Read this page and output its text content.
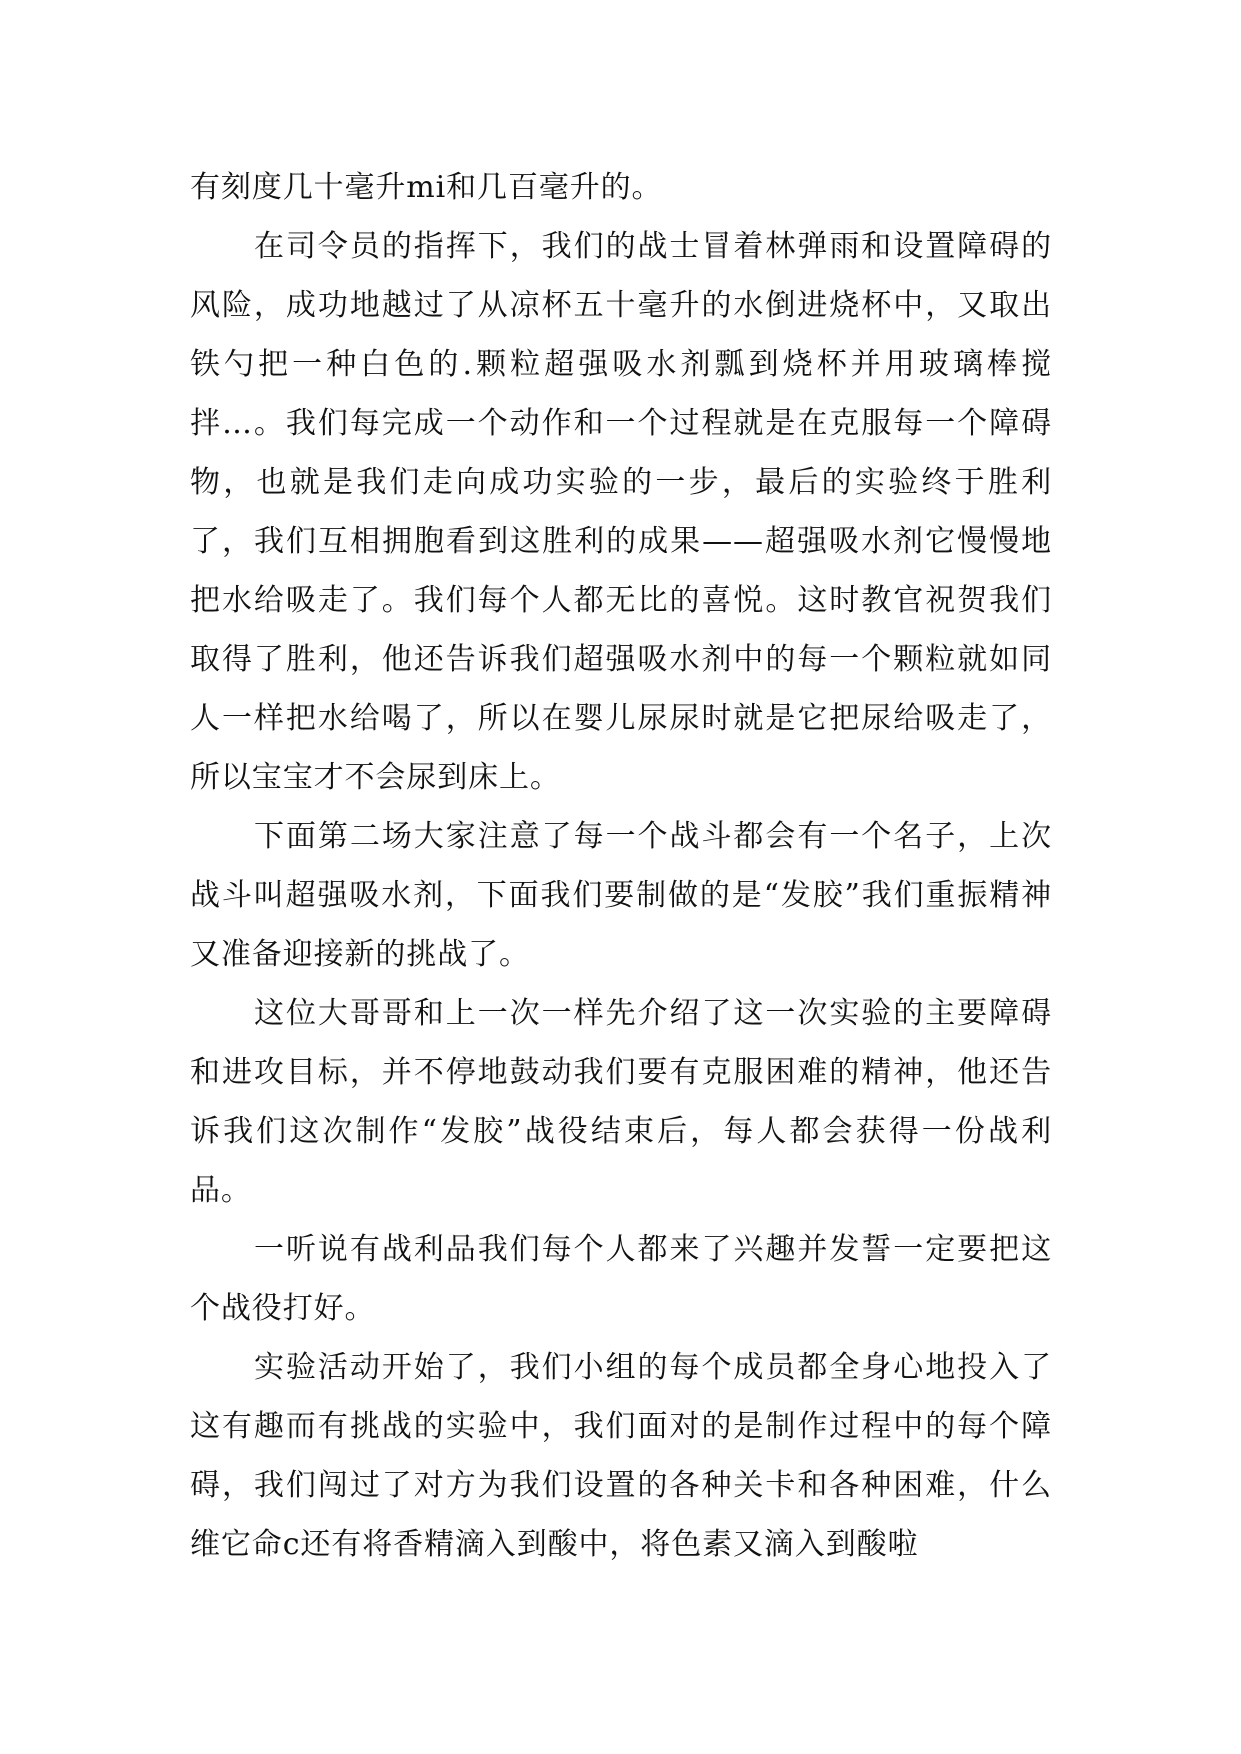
有刻度几十毫升mi和几百毫升的。

在司令员的指挥下，我们的战士冒着林弹雨和设置障碍的风险，成功地越过了从凉杯五十毫升的水倒进烧杯中，又取出铁勺把一种白色的.颗粒超强吸水剂瓢到烧杯并用玻璃棒搅拌…。我们每完成一个动作和一个过程就是在克服每一个障碍物，也就是我们走向成功实验的一步，最后的实验终于胜利了，我们互相拥胞看到这胜利的成果——超强吸水剂它慢慢地把水给吸走了。我们每个人都无比的喜悦。这时教官祝贺我们取得了胜利，他还告诉我们超强吸水剂中的每一个颗粒就如同人一样把水给喝了，所以在婴儿尿尿时就是它把尿给吸走了，所以宝宝才不会尿到床上。

下面第二场大家注意了每一个战斗都会有一个名子，上次战斗叫超强吸水剂，下面我们要制做的是“发胶”我们重振精神又准备迎接新的挑战了。

这位大哥哥和上一次一样先介绍了这一次实验的主要障碍和进攻目标，并不停地鼓动我们要有克服困难的精神，他还告诉我们这次制作“发胶”战役结束后，每人都会获得一份战利品。

一听说有战利品我们每个人都来了兴趣并发誓一定要把这个战役打好。

实验活动开始了，我们小组的每个成员都全身心地投入了这有趣而有挑战的实验中，我们面对的是制作过程中的每个障碍，我们闯过了对方为我们设置的各种关卡和各种困难，什么维它命c还有将香精滴入到酸中，将色素又滴入到酸啦
